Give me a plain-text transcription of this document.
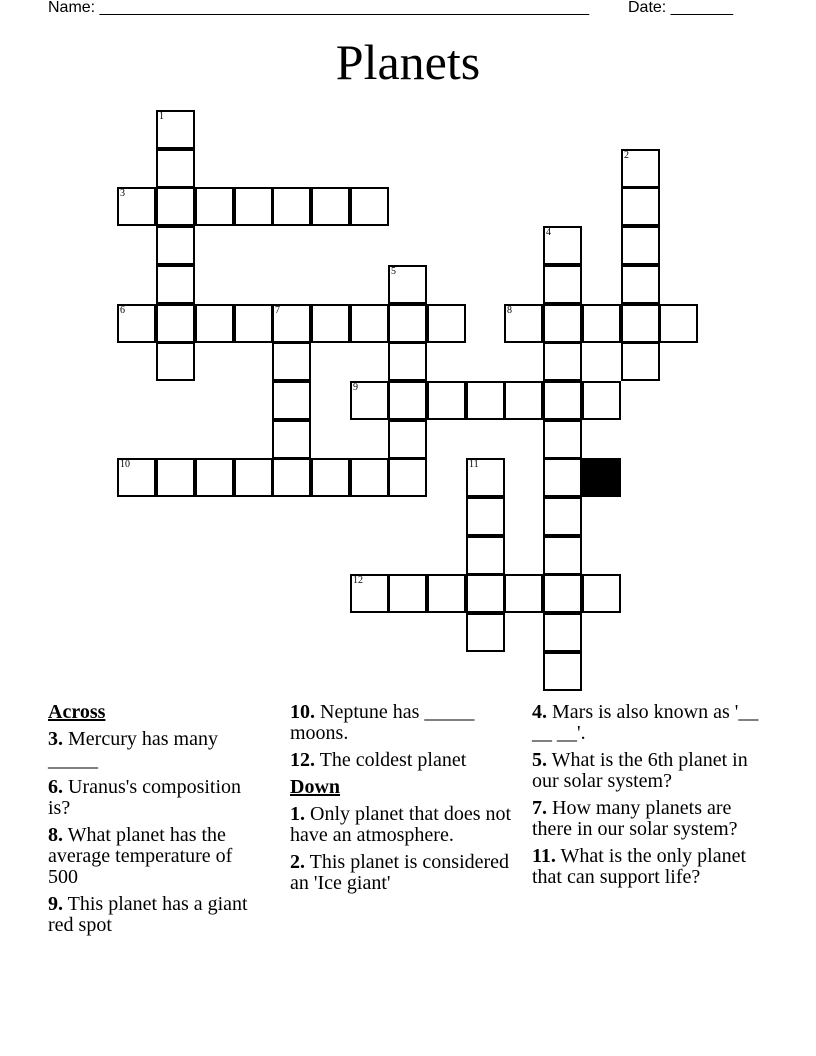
Name: _______________________________________________________ Date: _______
Planets
1
2
3
4
5
6	7	8
9
10	11
12
Across
3. Mercury has many _____
6. Uranus's composition is?
8. What planet has the average temperature of 500
9. This planet has a giant red spot
10. Neptune has _____ moons.
12. The coldest planet
Down
1. Only planet that does not have an atmosphere.
2. This planet is considered an 'Ice giant'
4. Mars is also known as '__ __ __'.
5. What is the 6th planet in our solar system?
7. How many planets are there in our solar system?
11. What is the only planet that can support life?
